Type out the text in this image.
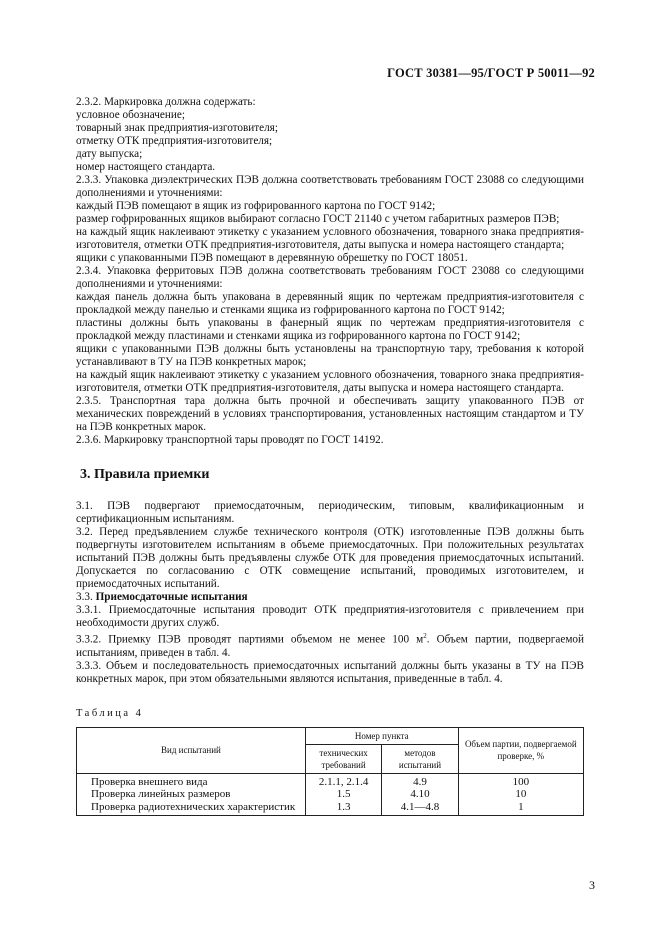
ГОСТ 30381—95/ГОСТ Р 50011—92

2.3.2. Маркировка должна содержать:

условное обозначение;

товарный знак предприятия-изготовителя;

отметку ОТК предприятия-изготовителя;

дату выпуска;

номер настоящего стандарта.

2.3.3. Упаковка диэлектрических ПЭВ должна соответствовать требованиям ГОСТ 23088 со следующими дополнениями и уточнениями:

каждый ПЭВ помещают в ящик из гофрированного картона по ГОСТ 9142;

размер гофрированных ящиков выбирают согласно ГОСТ 21140 с учетом габаритных размеров ПЭВ;

на каждый ящик наклеивают этикетку с указанием условного обозначения, товарного знака предприятия-изготовителя, отметки ОТК предприятия-изготовителя, даты выпуска и номера настоящего стандарта;

ящики с упакованными ПЭВ помещают в деревянную обрешетку по ГОСТ 18051.

2.3.4. Упаковка ферритовых ПЭВ должна соответствовать требованиям ГОСТ 23088 со следующими дополнениями и уточнениями:

каждая панель должна быть упакована в деревянный ящик по чертежам предприятия-изготовителя с прокладкой между панелью и стенками ящика из гофрированного картона по ГОСТ 9142;

пластины должны быть упакованы в фанерный ящик по чертежам предприятия-изготовителя с прокладкой между пластинами и стенками ящика из гофрированного картона по ГОСТ 9142;

ящики с упакованными ПЭВ должны быть установлены на транспортную тару, требования к которой устанавливают в ТУ на ПЭВ конкретных марок;

на каждый ящик наклеивают этикетку с указанием условного обозначения, товарного знака предприятия-изготовителя, отметки ОТК предприятия-изготовителя, даты выпуска и номера настоящего стандарта.

2.3.5. Транспортная тара должна быть прочной и обеспечивать защиту упакованного ПЭВ от механических повреждений в условиях транспортирования, установленных настоящим стандартом и ТУ на ПЭВ конкретных марок.

2.3.6. Маркировку транспортной тары проводят по ГОСТ 14192.

3. Правила приемки

3.1. ПЭВ подвергают приемосдаточным, периодическим, типовым, квалификационным и сертификационным испытаниям.

3.2. Перед предъявлением службе технического контроля (ОТК) изготовленные ПЭВ должны быть подвергнуты изготовителем испытаниям в объеме приемосдаточных. При положительных результатах испытаний ПЭВ должны быть предъявлены службе ОТК для проведения приемосдаточных испытаний. Допускается по согласованию с ОТК совмещение испытаний, проводимых изготовителем, и приемосдаточных испытаний.

3.3. Приемосдаточные испытания

3.3.1. Приемосдаточные испытания проводит ОТК предприятия-изготовителя с привлечением при необходимости других служб.

3.3.2. Приемку ПЭВ проводят партиями объемом не менее 100 $м^2$. Объем партии, подвергаемой испытаниям, приведен в табл. 4.

3.3.3. Объем и последовательность приемосдаточных испытаний должны быть указаны в ТУ на ПЭВ конкретных марок, при этом обязательными являются испытания, приведенные в табл. 4.

Таблица 4
Вид испытаний	Номер пункта		Объем партии, подвергаемой проверке, %
	технических требований	методов испытаний	
Проверка внешнего вида	2.1.1, 2.1.4	4.9	100
Проверка линейных размеров	1.5	4.10	10
Проверка радиотехнических характеристик	1.3	4.1—4.8	1
3
